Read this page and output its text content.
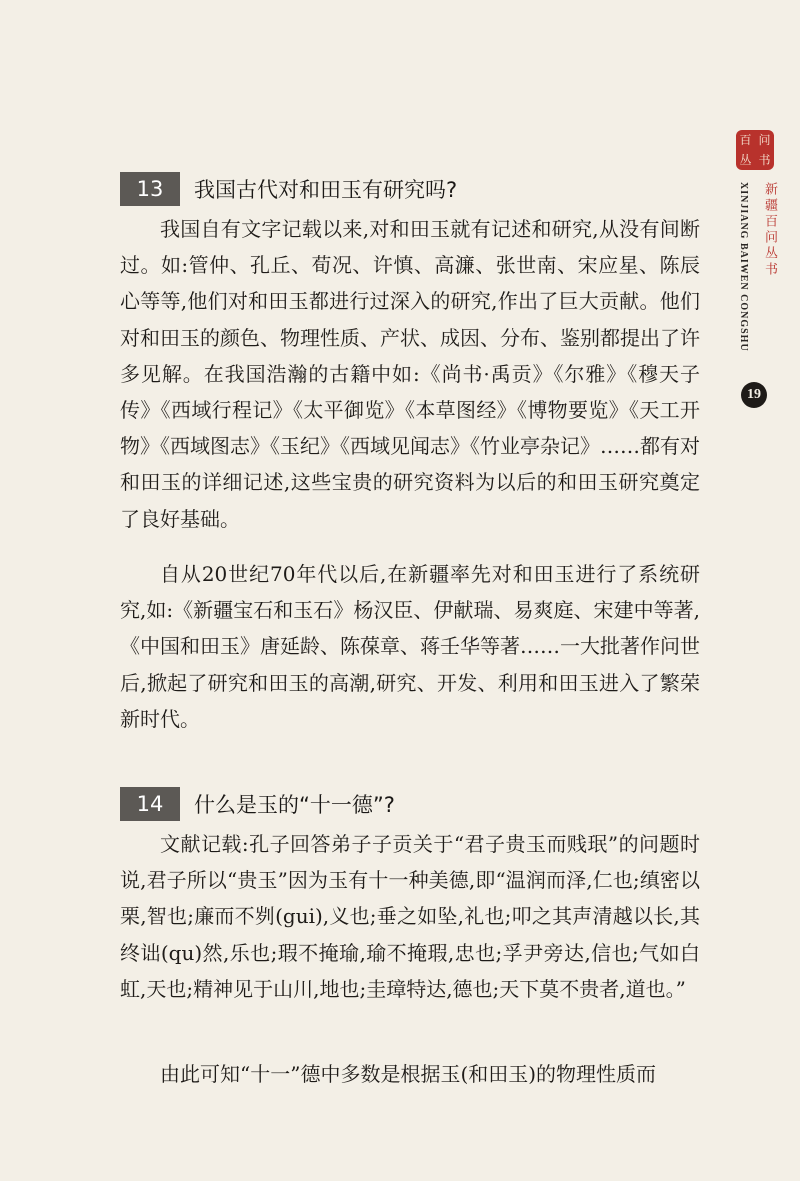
百 问
丛 书
新疆百问丛书
XINJIANG BAIWEN CONGSHU
19
13	我国古代对和田玉有研究吗?

我国自有文字记载以来,对和田玉就有记述和研究,从没有间断过。如:管仲、孔丘、荀况、许慎、高濂、张世南、宋应星、陈辰心等等,他们对和田玉都进行过深入的研究,作出了巨大贡献。他们对和田玉的颜色、物理性质、产状、成因、分布、鉴别都提出了许多见解。在我国浩瀚的古籍中如:《尚书·禹贡》《尔雅》《穆天子传》《西域行程记》《太平御览》《本草图经》《博物要览》《天工开物》《西域图志》《玉纪》《西域见闻志》《竹业亭杂记》……都有对和田玉的详细记述,这些宝贵的研究资料为以后的和田玉研究奠定了良好基础。

自从20世纪70年代以后,在新疆率先对和田玉进行了系统研究,如:《新疆宝石和玉石》杨汉臣、伊献瑞、易爽庭、宋建中等著,《中国和田玉》唐延龄、陈葆章、蒋壬华等著……一大批著作问世后,掀起了研究和田玉的高潮,研究、开发、利用和田玉进入了繁荣新时代。

14	什么是玉的“十一德”?

文献记载:孔子回答弟子子贡关于“君子贵玉而贱珉”的问题时说,君子所以“贵玉”因为玉有十一种美德,即“温润而泽,仁也;缜密以栗,智也;廉而不刿(gui),义也;垂之如坠,礼也;叩之其声清越以长,其终诎(qu)然,乐也;瑕不掩瑜,瑜不掩瑕,忠也;孚尹旁达,信也;气如白虹,天也;精神见于山川,地也;圭璋特达,德也;天下莫不贵者,道也。”

由此可知“十一”德中多数是根据玉(和田玉)的物理性质而
